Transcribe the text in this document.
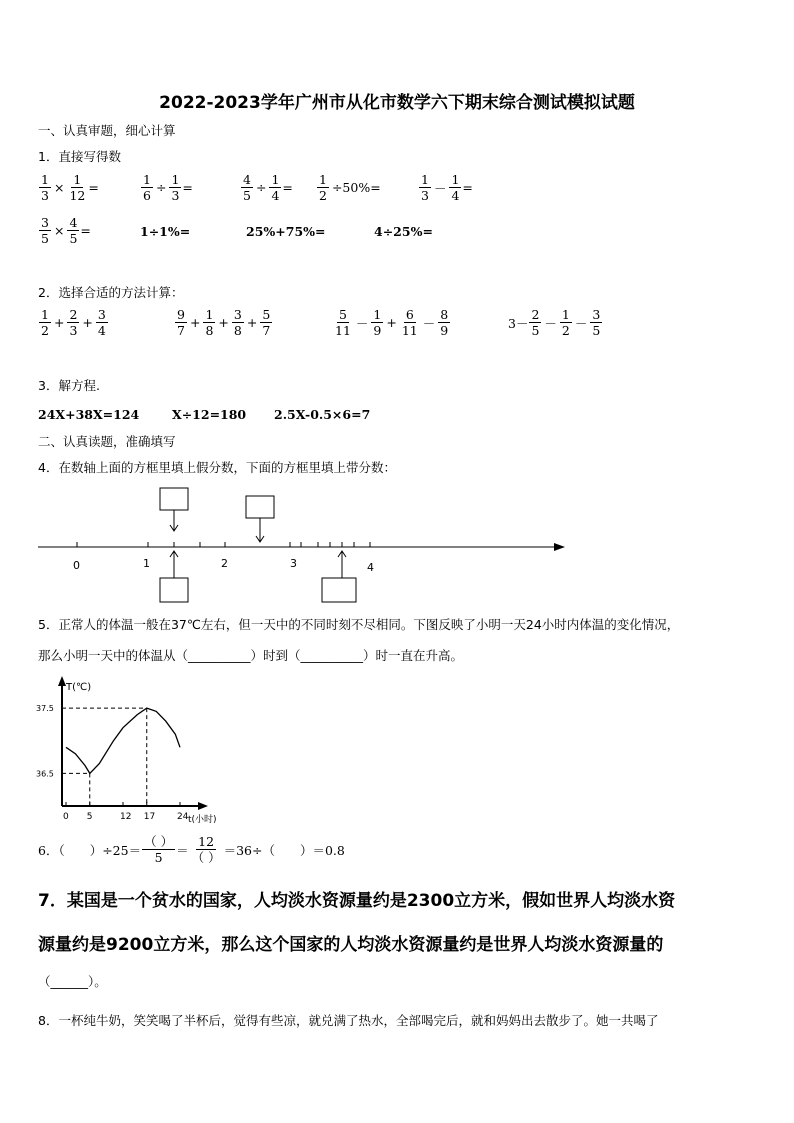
2022-2023学年广州市从化市数学六下期末综合测试模拟试题
一、认真审题，细心计算
1．直接写得数
$\frac{1}{3} \times \frac{1}{12}$ =	$\frac{1}{6} \div \frac{1}{3}$ =	$\frac{4}{5} \div \frac{1}{4} = \frac{1}{2} \div 50\%=$	$\frac{1}{3} - \frac{1}{4}$ =
$\frac{3}{5} \times \frac{4}{5}$ =	1÷1%=	25%+75%=	4÷25%=
2．选择合适的方法计算：
$\frac{1}{2} + \frac{2}{3} + \frac{3}{4}$	$\frac{9}{7} + \frac{1}{8} + \frac{3}{8} + \frac{5}{7}$	$\frac{5}{11} - \frac{1}{9} + \frac{6}{11} - \frac{8}{9}$	$3- \frac{2}{5} - \frac{1}{2} - \frac{3}{5}$
3．解方程.
24X+38X=124	X÷12=180 2.5X-0.5×6=7
二、认真读题，准确填写
4．在数轴上面的方框里填上假分数，下面的方框里填上带分数：
0	1	2	3	4
5．正常人的体温一般在37℃左右，但一天中的不同时刻不尽相同。下图反映了小明一天24小时内体温的变化情况，
那么小明一天中的体温从（__________）时到（__________）时一直在升高。
T(℃)
t(小时)
0 5	12 17 24
36.5
37.5
6．（　　）$\div 25= \frac{( )}{5} = \frac{12}{( )} =36\div$（　　）＝0.8
7．某国是一个贫水的国家，人均淡水资源量约是2300立方米，假如世界人均淡水资
源量约是9200立方米，那么这个国家的人均淡水资源量约是世界人均淡水资源量的
（______）。
8．一杯纯牛奶，笑笑喝了半杯后，觉得有些凉，就兑满了热水，全部喝完后，就和妈妈出去散步了。她一共喝了
